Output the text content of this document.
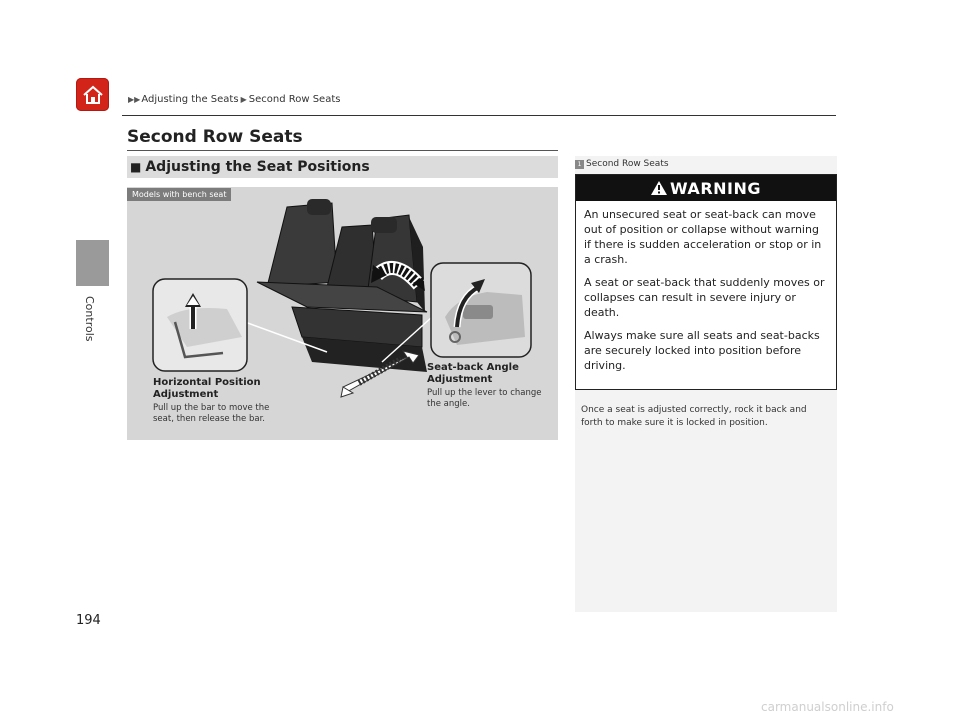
▶▶ Adjusting the Seats ▶ Second Row Seats
Controls
Second Row Seats
■ Adjusting the Seat Positions
Models with bench seat
Horizontal Position Adjustment
Pull up the bar to move the seat, then release the bar.
Seat-back Angle Adjustment
Pull up the lever to change the angle.
1 Second Row Seats
WARNING

An unsecured seat or seat-back can move out of position or collapse without warning if there is sudden acceleration or stop or in a crash.

A seat or seat-back that suddenly moves or collapses can result in severe injury or death.

Always make sure all seats and seat-backs are securely locked into position before driving.

Once a seat is adjusted correctly, rock it back and forth to make sure it is locked in position.
194
carmanualsonline.info
